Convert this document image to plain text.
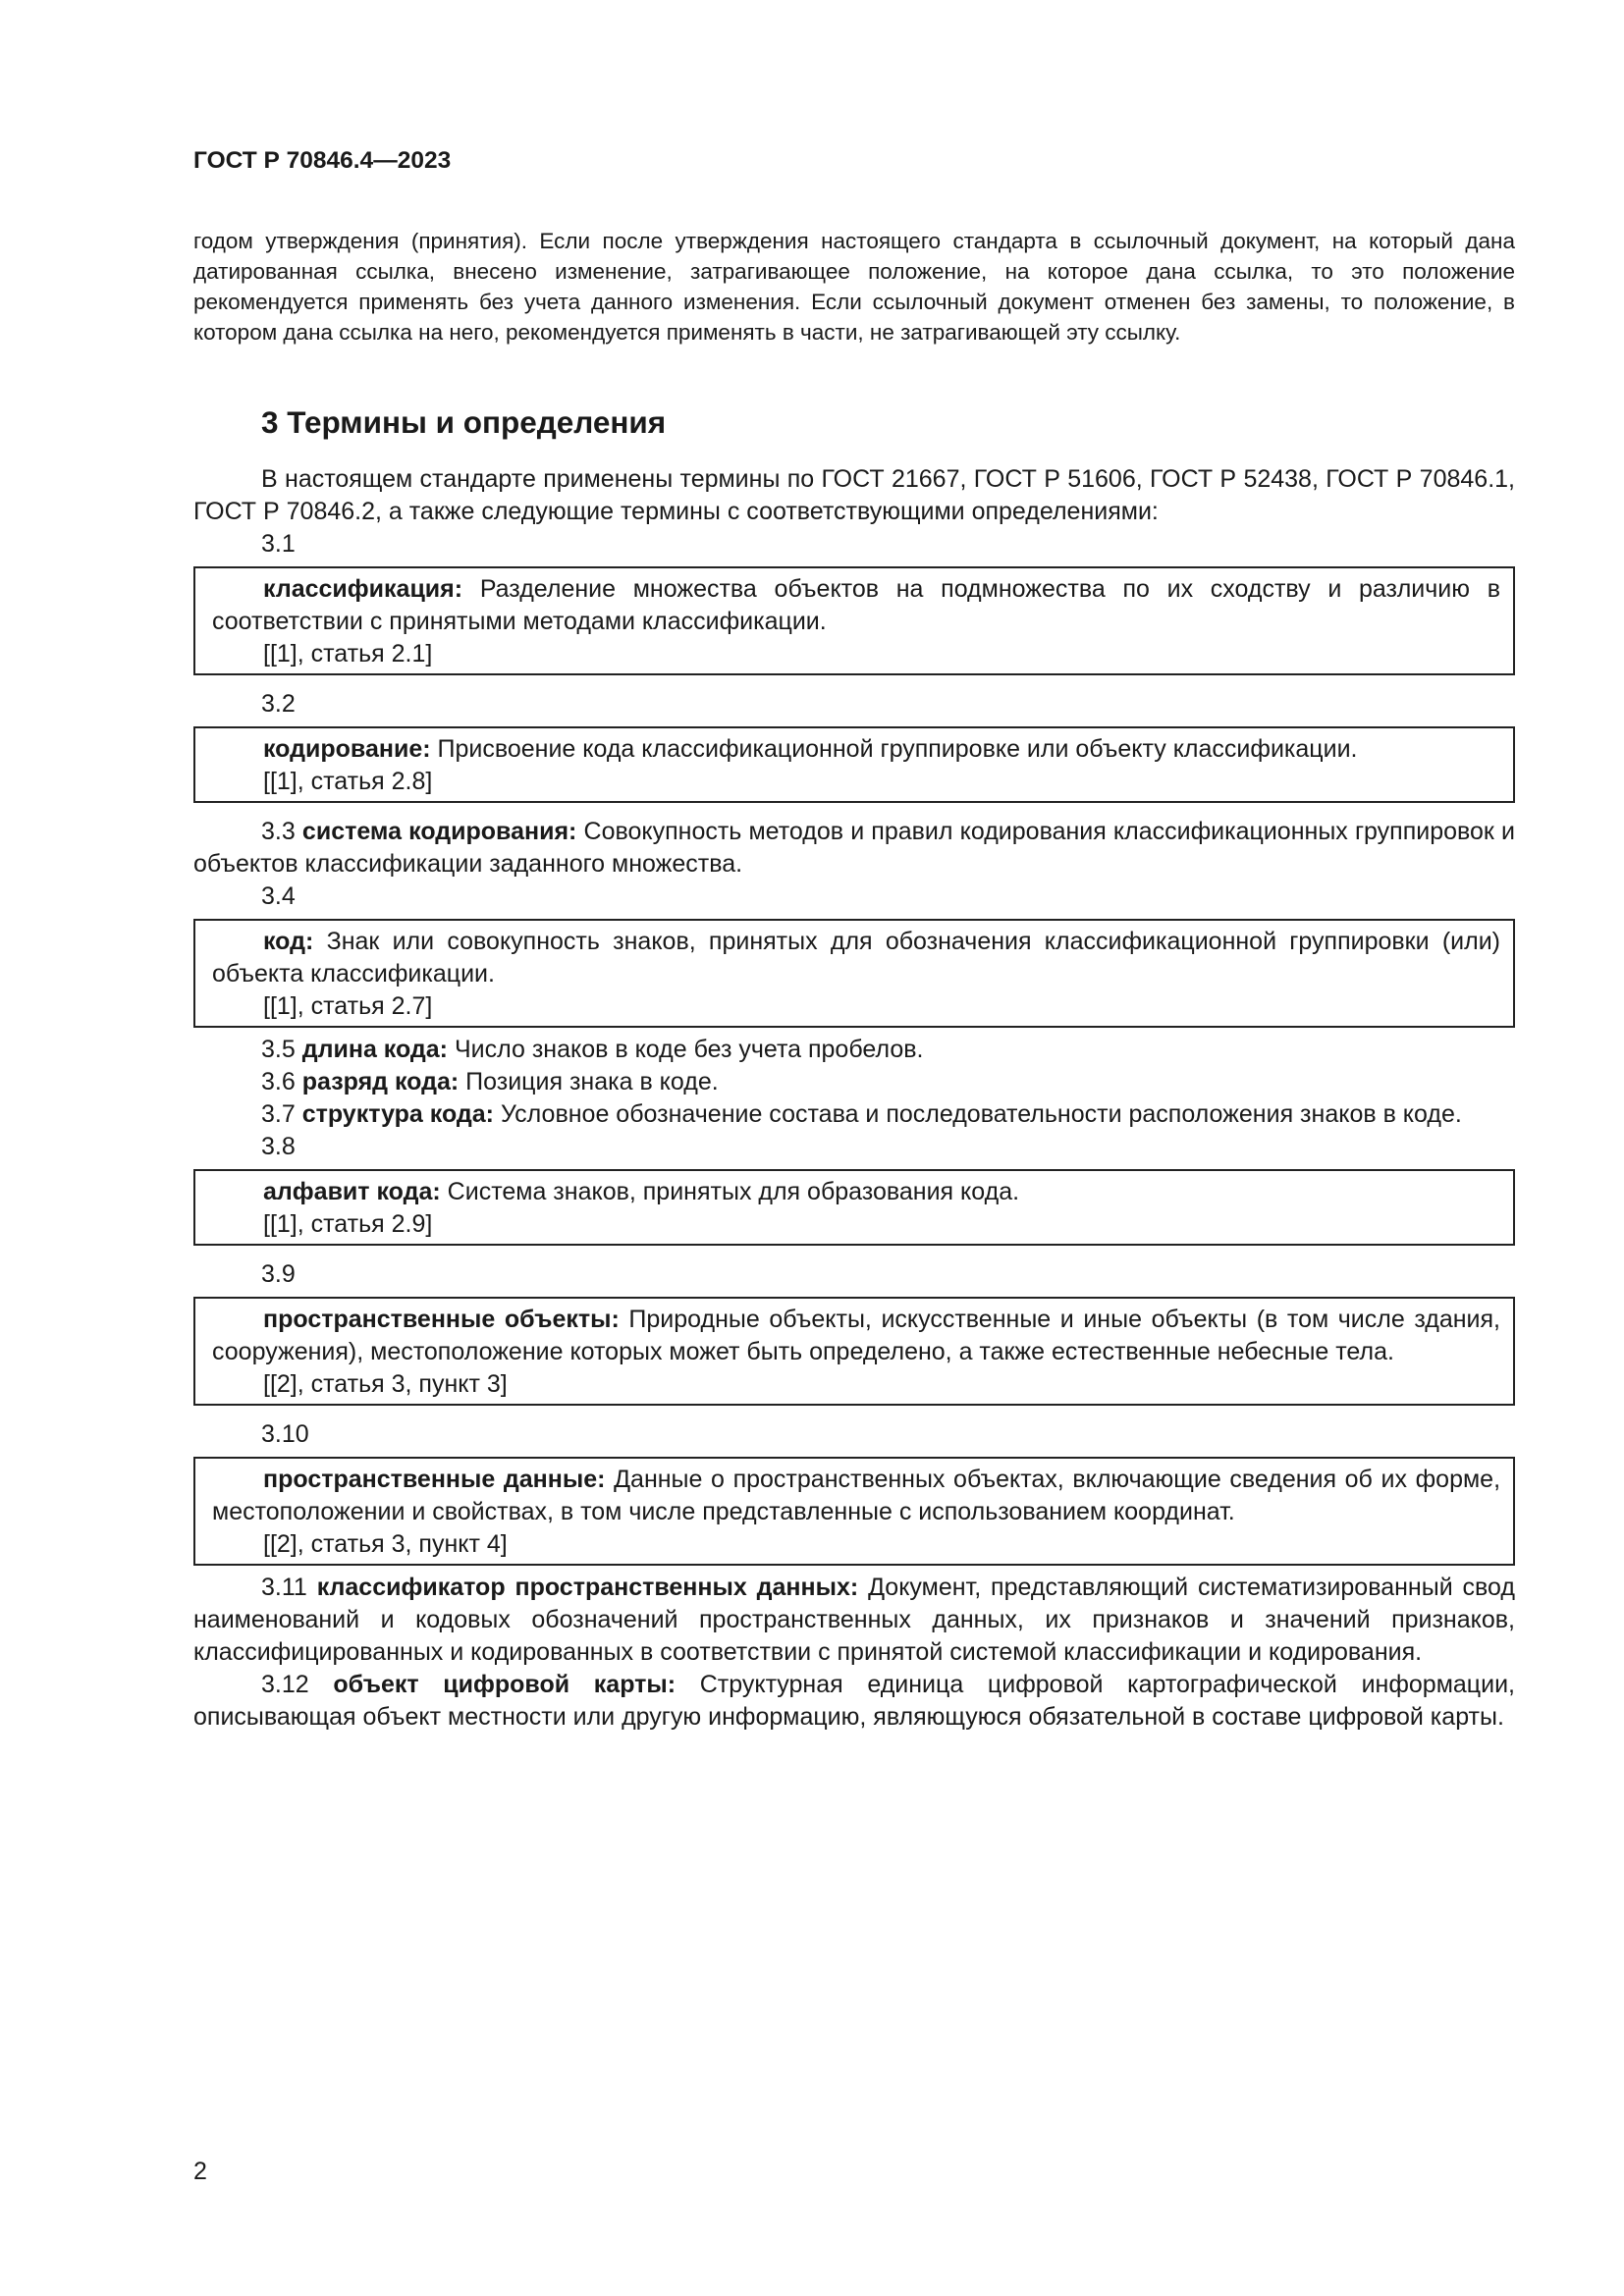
ГОСТ Р 70846.4—2023

годом утверждения (принятия). Если после утверждения настоящего стандарта в ссылочный документ, на который дана датированная ссылка, внесено изменение, затрагивающее положение, на которое дана ссылка, то это положение рекомендуется применять без учета данного изменения. Если ссылочный документ отменен без замены, то положение, в котором дана ссылка на него, рекомендуется применять в части, не затрагивающей эту ссылку.

3 Термины и определения

В настоящем стандарте применены термины по ГОСТ 21667, ГОСТ Р 51606, ГОСТ Р 52438, ГОСТ Р 70846.1, ГОСТ Р 70846.2, а также следующие термины с соответствующими определениями:

3.1

классификация: Разделение множества объектов на подмножества по их сходству и различию в соответствии с принятыми методами классификации.

[[1], статья 2.1]

3.2

кодирование: Присвоение кода классификационной группировке или объекту классификации.

[[1], статья 2.8]

3.3 система кодирования: Совокупность методов и правил кодирования классификационных группировок и объектов классификации заданного множества.

3.4

код: Знак или совокупность знаков, принятых для обозначения классификационной группировки (или) объекта классификации.

[[1], статья 2.7]

3.5 длина кода: Число знаков в коде без учета пробелов.

3.6 разряд кода: Позиция знака в коде.

3.7 структура кода: Условное обозначение состава и последовательности расположения знаков в коде.

3.8

алфавит кода: Система знаков, принятых для образования кода.

[[1], статья 2.9]

3.9

пространственные объекты: Природные объекты, искусственные и иные объекты (в том числе здания, сооружения), местоположение которых может быть определено, а также естественные небесные тела.

[[2], статья 3, пункт 3]

3.10

пространственные данные: Данные о пространственных объектах, включающие сведения об их форме, местоположении и свойствах, в том числе представленные с использованием координат.

[[2], статья 3, пункт 4]

3.11 классификатор пространственных данных: Документ, представляющий систематизированный свод наименований и кодовых обозначений пространственных данных, их признаков и значений признаков, классифицированных и кодированных в соответствии с принятой системой классификации и кодирования.

3.12 объект цифровой карты: Структурная единица цифровой картографической информации, описывающая объект местности или другую информацию, являющуюся обязательной в составе цифровой карты.

2
